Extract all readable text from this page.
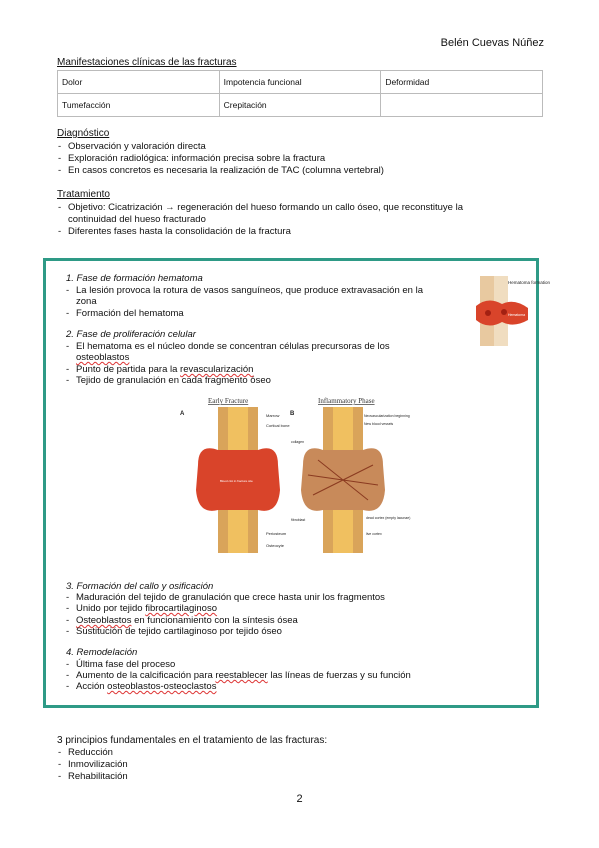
Belén Cuevas Núñez
Manifestaciones clínicas de las fracturas
Dolor	Impotencia funcional	Deformidad
Tumefacción	Crepitación	
Diagnóstico
- Observación y valoración directa
- Exploración radiológica: información precisa sobre la fractura
- En casos concretos es necesaria la realización de TAC (columna vertebral)
Tratamiento
- Objetivo: Cicatrización → regeneración del hueso formando un callo óseo, que reconstituye la
continuidad del hueso fracturado
- Diferentes fases hasta la consolidación de la fractura
1. Fase de formación hematoma
- La lesión provoca la rotura de vasos sanguíneos, que produce extravasación en la
zona
- Formación del hematoma
Hematoma formation
Hematoma
2. Fase de proliferación celular
- El hematoma es el núcleo donde se concentran células precursoras de los
osteoblastos
- Punto de partida para la revascularización
- Tejido de granulación en cada fragmento óseo
Early Fracture
A
Blood clot in fracture site
Marrow
Cortical bone
Periosteum
Osteocyte
Inflammatory Phase
B	Neovascularization beginning
New blood vessels
collagen
fibroblast	dead cortex (empty lacunae)
live cortex
3. Formación del callo y osificación
- Maduración del tejido de granulación que crece hasta unir los fragmentos
- Unido por tejido fibrocartilaginoso
- Osteoblastos en funcionamiento con la síntesis ósea
- Sustitución de tejido cartilaginoso por tejido óseo
4. Remodelación
- Última fase del proceso
- Aumento de la calcificación para reestablecer las líneas de fuerzas y su función
- Acción osteoblastos-osteoclastos
3 principios fundamentales en el tratamiento de las fracturas:
- Reducción
- Inmovilización
- Rehabilitación
2
